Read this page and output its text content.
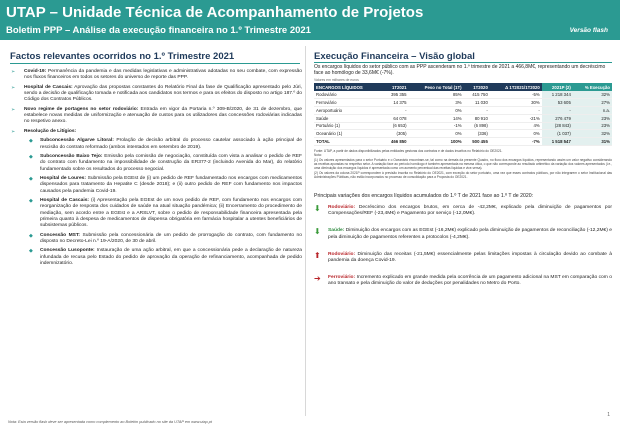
UTAP – Unidade Técnica de Acompanhamento de Projetos
Boletim PPP – Análise da execução financeira no 1.º Trimestre 2021	Versão flash
Factos relevantes ocorridos no 1.º Trimestre 2021	Execução Financeira – Visão global
➢ Covid-19: Permanência da pandemia e das medidas legislativas e administrativas adotadas no seu combate, com expressão nos fluxos financeiros em todos os setores do universo de reporte das PPP.
➢ Hospital de Cascais: Aprovação das propostas constantes do Relatório Final da fase de Qualificação apresentado pelo Júri, sendo a decisão de qualificação tomada e notificada aos candidatos nos termos e para os efeitos do disposto no artigo 187.º do Código dos Contratos Públicos.
➢ Novo regime de portagens no setor rodoviário: Entrada em vigor da Portaria n.º 309-B/2020, de 31 de dezembro, que estabelece novas medidas de uniformização e atenuação de custos para os utilizadores das concessões rodoviárias indicadas no respetivo anexo.
➢ Resolução de Litígios:
◆ Subconcessão Algarve Litoral: Prolação de decisão arbitral do processo cautelar associado à ação principal de rescisão do contrato reformado (ambos intentados em setembro de 2019).
◆ Subconcessão Baixo Tejo: Emissão pela comissão de negociação, constituída com vista a analisar o pedido de REF do contrato com fundamento na impossibilidade de construção da ER377-2 (incluindo Avenida do Mar), do relatório fundamentado sobre os resultados do processo negocial.
◆ Hospital de Loures: Submissão pela EGEst de (i) um pedido de REF fundamentado nos encargos com medicamentos dispensados para tratamento da Hepatite C (desde 2018); e (ii) outro pedido de REF com fundamento nos impactos causados pela pandemia Covid-19.
◆ Hospital de Cascais: (i) Apresentação pela EGEst de um novo pedido de REF, com fundamento nos encargos com reorganização de resposta dos cuidados de saúde na atual situação pandémica; (ii) Encerramento do procedimento de mediação, sem acordo entre a EGEst e a ARSLVT, sobre o pedido de responsabilidade financeira apresentada pela primeira quanto à despesa de medicamentos de dispensa obrigatória em farmácia hospitalar a utentes beneficiários de subsistemas públicos.
◆ Concessão MST: Submissão pela concessionária de um pedido de prorrogação do contrato, com fundamento no disposto no Decreto-Lei n.º 19-A/2020, de 30 de abril.
◆ Concessão Lusoponte: Instauração de uma ação arbitral, em que a concessionária pede a declaração de natureza infundada de recusa pelo Estado do pedido de aprovação da operação de refinanciamento, acompanhada de pedido indemnizatório.
Os encargos líquidos do setor público com as PPP ascenderam no 1.º trimestre de 2021 a 466,8M€, representando um decréscimo face ao homólogo de 33,6M€ (-7%).
Valores em milhares de euros
ENCARGOS LÍQUIDOS	1T2021	Peso no Total (1T)	1T2020	Δ 1T2021/1T2020	2021P (2)	% Execução
Rodoviário	395 355	85%	415 750	-5%	1 218 344	32%
Ferroviário	14 375	3%	11 030	30%	53 605	27%
Aeroportuário	-	0%	-	-	-	n.a.
Saúde	64 078	14%	80 910	-21%	276 479	23%
Portuário (1)	(6 653)	-1%	(6 898)	4%	(28 843)	23%
Oceanário (1)	(305)	0%	(336)	0%	(1 037)	32%
TOTAL	466 850	100%	500 455	-7%	1 518 547	31%
Fonte: UTAP, a partir de dados disponibilizados pelas entidades gestoras dos contratos e de dados inscritos no Relatório do OE2021.
Nota:
(1) Os valores apresentados para o setor Portuário e o Oceanário encontram-se, tal como na demais da presente Quadro, no fluxo dos encargos líquidos, representando assim um valor negativo considerando as receitas apuradas no respetivo setor. A variação face ao período homólogo é também apresentada na mesma ótica, o que não corresponde ao resultado aritmético da variação dos valores apresentados (i.e., uma diminuição dos encargos líquidos é apresentada como um aumento percentual das receitas liquidas e vice-versa).
(2) Os valores da coluna 2021P correspondem à previsão inscrita no Relatório do OE2021, com exceção do setor portuário, uma vez que esses contratos públicos, por não integrarem o setor Institucional das Administrações Públicas, não estão incorporados no processo de consolidação para a Proposta do OE2021.
Principais variações dos encargos líquidos acumulados do 1.º T de 2021 face ao 1.º T de 2020:
⬇ Rodoviário: Decréscimo dos encargos brutos, em cerca de -42,2M€, explicado pela diminuição de pagamentos por Compensações/REF (-23,4M€) e Pagamento por serviço (-12,0M€).
⬇ Saúde: Diminuição dos encargos com as EGEst (-16,2M€) explicado pela diminuição de pagamentos de reconciliação (-12,2M€) e pela diminuição de pagamentos referentes a protocolos (-4,2M€).
⬆ Rodoviário: Diminuição das receitas (-21,5M€) essencialmente pelas limitações impostas à circulação devido ao combate à pandemia da doença Covid-19.
➔ Ferroviário: Incremento explicado em grande medida pela ocorrência de um pagamento adicional na MST em comparação com o ano transato e pela diminuição do valor de deduções por penalidades no Metro do Porto.
Nota: Esta versão flash deve ser apresentada como complemento ao Boletim publicado no site da UTAP em www.utap.pt
1
